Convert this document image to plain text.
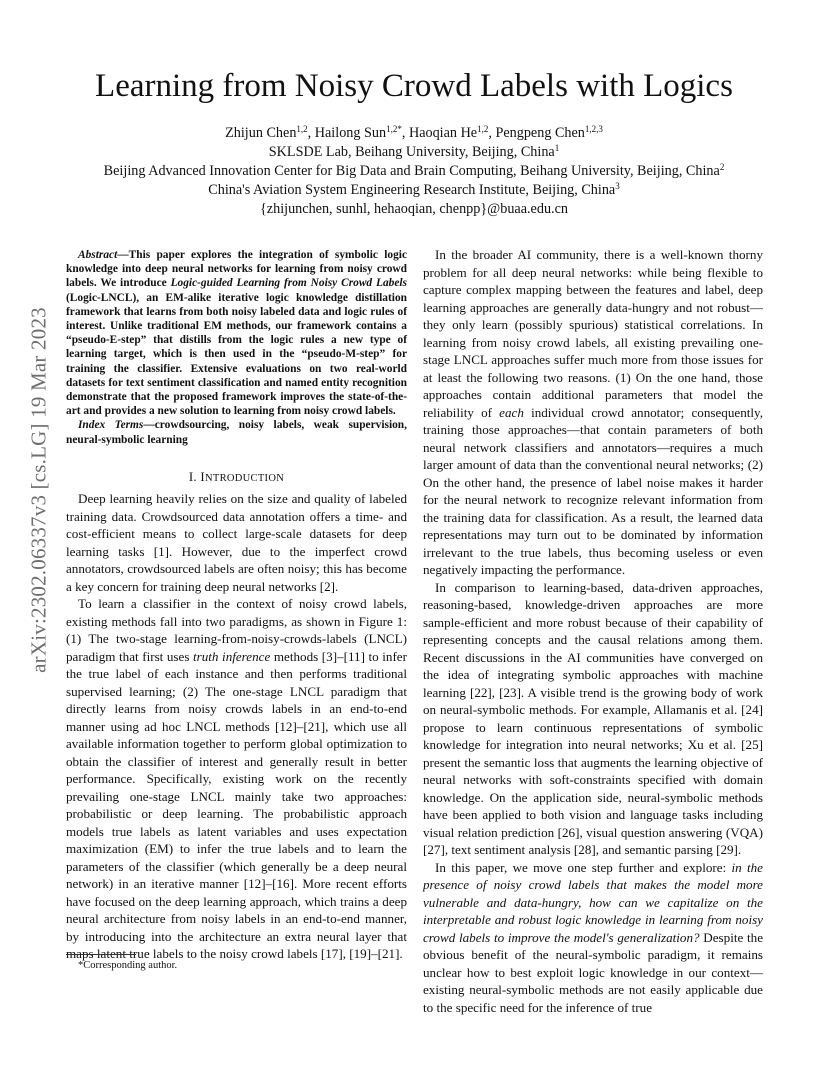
arXiv:2302.06337v3 [cs.LG] 19 Mar 2023
Learning from Noisy Crowd Labels with Logics
Zhijun Chen$^{1,2}$, Hailong Sun$^{1,2*}$, Haoqian He$^{1,2}$, Pengpeng Chen$^{1,2,3}$
SKLSDE Lab, Beihang University, Beijing, China$^1$
Beijing Advanced Innovation Center for Big Data and Brain Computing, Beihang University, Beijing, China$^2$
China's Aviation System Engineering Research Institute, Beijing, China$^3$
{zhijunchen, sunhl, hehaoqian, chenpp}@buaa.edu.cn

Abstract—This paper explores the integration of symbolic logic knowledge into deep neural networks for learning from noisy crowd labels. We introduce Logic-guided Learning from Noisy Crowd Labels (Logic-LNCL), an EM-alike iterative logic knowledge distillation framework that learns from both noisy labeled data and logic rules of interest. Unlike traditional EM methods, our framework contains a “pseudo-E-step” that distills from the logic rules a new type of learning target, which is then used in the “pseudo-M-step” for training the classifier. Extensive evaluations on two real-world datasets for text sentiment classification and named entity recognition demonstrate that the proposed framework improves the state-of-the-art and provides a new solution to learning from noisy crowd labels.

Index Terms—crowdsourcing, noisy labels, weak supervision, neural-symbolic learning

I. INTRODUCTION

Deep learning heavily relies on the size and quality of labeled training data. Crowdsourced data annotation offers a time- and cost-efficient means to collect large-scale datasets for deep learning tasks [1]. However, due to the imperfect crowd annotators, crowdsourced labels are often noisy; this has become a key concern for training deep neural networks [2].

To learn a classifier in the context of noisy crowd labels, existing methods fall into two paradigms, as shown in Figure 1: (1) The two-stage learning-from-noisy-crowds-labels (LNCL) paradigm that first uses truth inference methods [3]–[11] to infer the true label of each instance and then performs traditional supervised learning; (2) The one-stage LNCL paradigm that directly learns from noisy crowds labels in an end-to-end manner using ad hoc LNCL methods [12]–[21], which use all available information together to perform global optimization to obtain the classifier of interest and generally result in better performance. Specifically, existing work on the recently prevailing one-stage LNCL mainly take two approaches: probabilistic or deep learning. The probabilistic approach models true labels as latent variables and uses expectation maximization (EM) to infer the true labels and to learn the parameters of the classifier (which generally be a deep neural network) in an iterative manner [12]–[16]. More recent efforts have focused on the deep learning approach, which trains a deep neural architecture from noisy labels in an end-to-end manner, by introducing into the architecture an extra neural layer that maps latent true labels to the noisy crowd labels [17], [19]–[21].

In the broader AI community, there is a well-known thorny problem for all deep neural networks: while being flexible to capture complex mapping between the features and label, deep learning approaches are generally data-hungry and not robust—they only learn (possibly spurious) statistical correlations. In learning from noisy crowd labels, all existing prevailing one-stage LNCL approaches suffer much more from those issues for at least the following two reasons. (1) On the one hand, those approaches contain additional parameters that model the reliability of each individual crowd annotator; consequently, training those approaches—that contain parameters of both neural network classifiers and annotators—requires a much larger amount of data than the conventional neural networks; (2) On the other hand, the presence of label noise makes it harder for the neural network to recognize relevant information from the training data for classification. As a result, the learned data representations may turn out to be dominated by information irrelevant to the true labels, thus becoming useless or even negatively impacting the performance.

In comparison to learning-based, data-driven approaches, reasoning-based, knowledge-driven approaches are more sample-efficient and more robust because of their capability of representing concepts and the causal relations among them. Recent discussions in the AI communities have converged on the idea of integrating symbolic approaches with machine learning [22], [23]. A visible trend is the growing body of work on neural-symbolic methods. For example, Allamanis et al. [24] propose to learn continuous representations of symbolic knowledge for integration into neural networks; Xu et al. [25] present the semantic loss that augments the learning objective of neural networks with soft-constraints specified with domain knowledge. On the application side, neural-symbolic methods have been applied to both vision and language tasks including visual relation prediction [26], visual question answering (VQA) [27], text sentiment analysis [28], and semantic parsing [29].

In this paper, we move one step further and explore: in the presence of noisy crowd labels that makes the model more vulnerable and data-hungry, how can we capitalize on the interpretable and robust logic knowledge in learning from noisy crowd labels to improve the model's generalization? Despite the obvious benefit of the neural-symbolic paradigm, it remains unclear how to best exploit logic knowledge in our context—existing neural-symbolic methods are not easily applicable due to the specific need for the inference of true

*Corresponding author.
